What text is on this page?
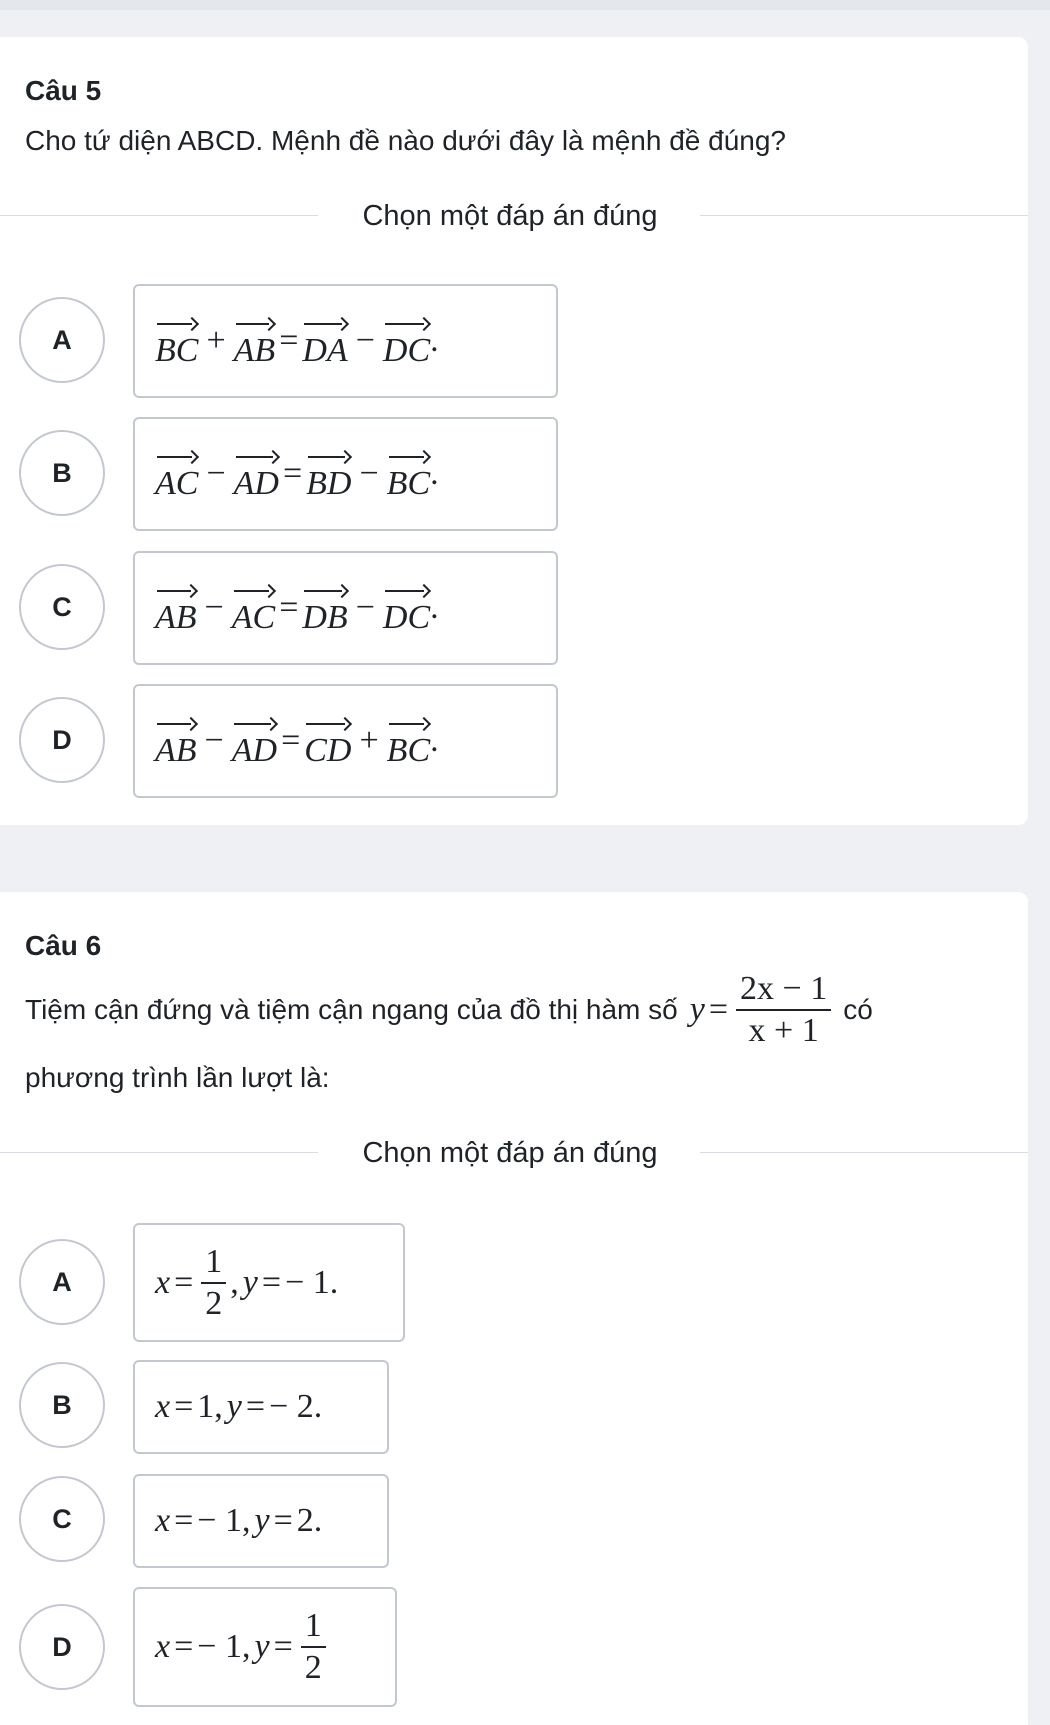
Câu 5
Cho tứ diện ABCD. Mệnh đề nào dưới đây là mệnh đề đúng?
Chọn một đáp án đúng
A	BC + AB = DA − DC .
B	AC − AD = BD − BC .
C	AB − AC = DB − DC .
D	AB − AD = CD + BC .
Câu 6
Tiệm cận đứng và tiệm cận ngang của đồ thị hàm số $y = \frac{2x - 1}{x + 1}$ có
phương trình lần lượt là:
Chọn một đáp án đúng
A	$x = \frac{1}{2}$ , y = − 1 .
B	x = 1 , y = − 2 .
C	x = − 1 , y = 2 .
D	x = − 1 , $y = \frac{1}{2}$
